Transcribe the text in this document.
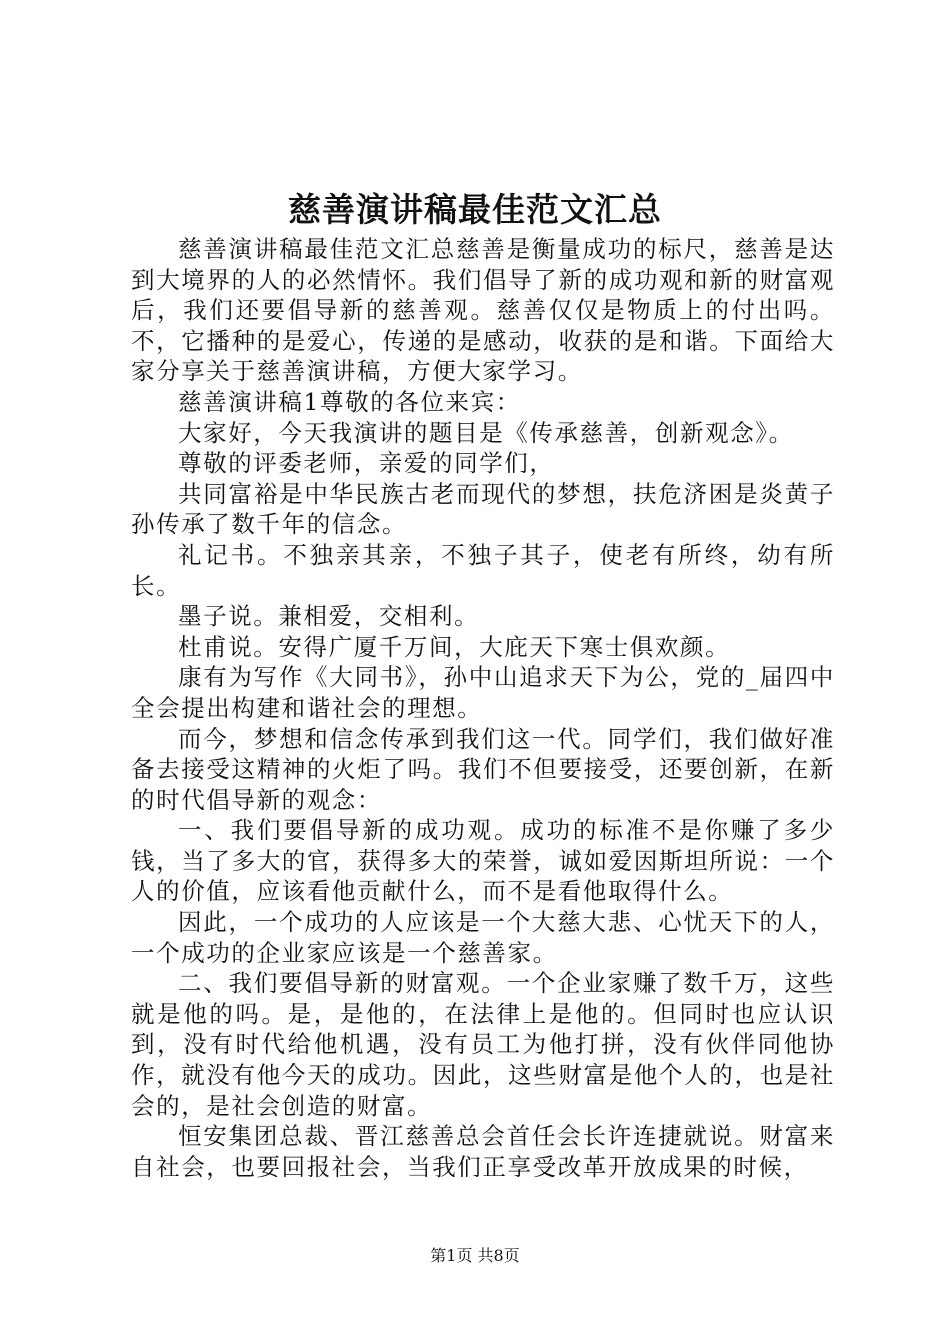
慈善演讲稿最佳范文汇总

慈善演讲稿最佳范文汇总慈善是衡量成功的标尺，慈善是达到大境界的人的必然情怀。我们倡导了新的成功观和新的财富观后，我们还要倡导新的慈善观。慈善仅仅是物质上的付出吗。不，它播种的是爱心，传递的是感动，收获的是和谐。下面给大家分享关于慈善演讲稿，方便大家学习。

慈善演讲稿1尊敬的各位来宾：

大家好，今天我演讲的题目是《传承慈善，创新观念》。

尊敬的评委老师，亲爱的同学们，

共同富裕是中华民族古老而现代的梦想，扶危济困是炎黄子孙传承了数千年的信念。

礼记书。不独亲其亲，不独子其子，使老有所终，幼有所长。

墨子说。兼相爱，交相利。

杜甫说。安得广厦千万间，大庇天下寒士俱欢颜。

康有为写作《大同书》，孙中山追求天下为公，党的_届四中全会提出构建和谐社会的理想。

而今，梦想和信念传承到我们这一代。同学们，我们做好准备去接受这精神的火炬了吗。我们不但要接受，还要创新，在新的时代倡导新的观念：

一、我们要倡导新的成功观。成功的标准不是你赚了多少钱，当了多大的官，获得多大的荣誉，诚如爱因斯坦所说：一个人的价值，应该看他贡献什么，而不是看他取得什么。

因此，一个成功的人应该是一个大慈大悲、心忧天下的人，一个成功的企业家应该是一个慈善家。

二、我们要倡导新的财富观。一个企业家赚了数千万，这些就是他的吗。是，是他的，在法律上是他的。但同时也应认识到，没有时代给他机遇，没有员工为他打拼，没有伙伴同他协作，就没有他今天的成功。因此，这些财富是他个人的，也是社会的，是社会创造的财富。

恒安集团总裁、晋江慈善总会首任会长许连捷就说。财富来自社会，也要回报社会，当我们正享受改革开放成果的时候，

第1页 共8页
